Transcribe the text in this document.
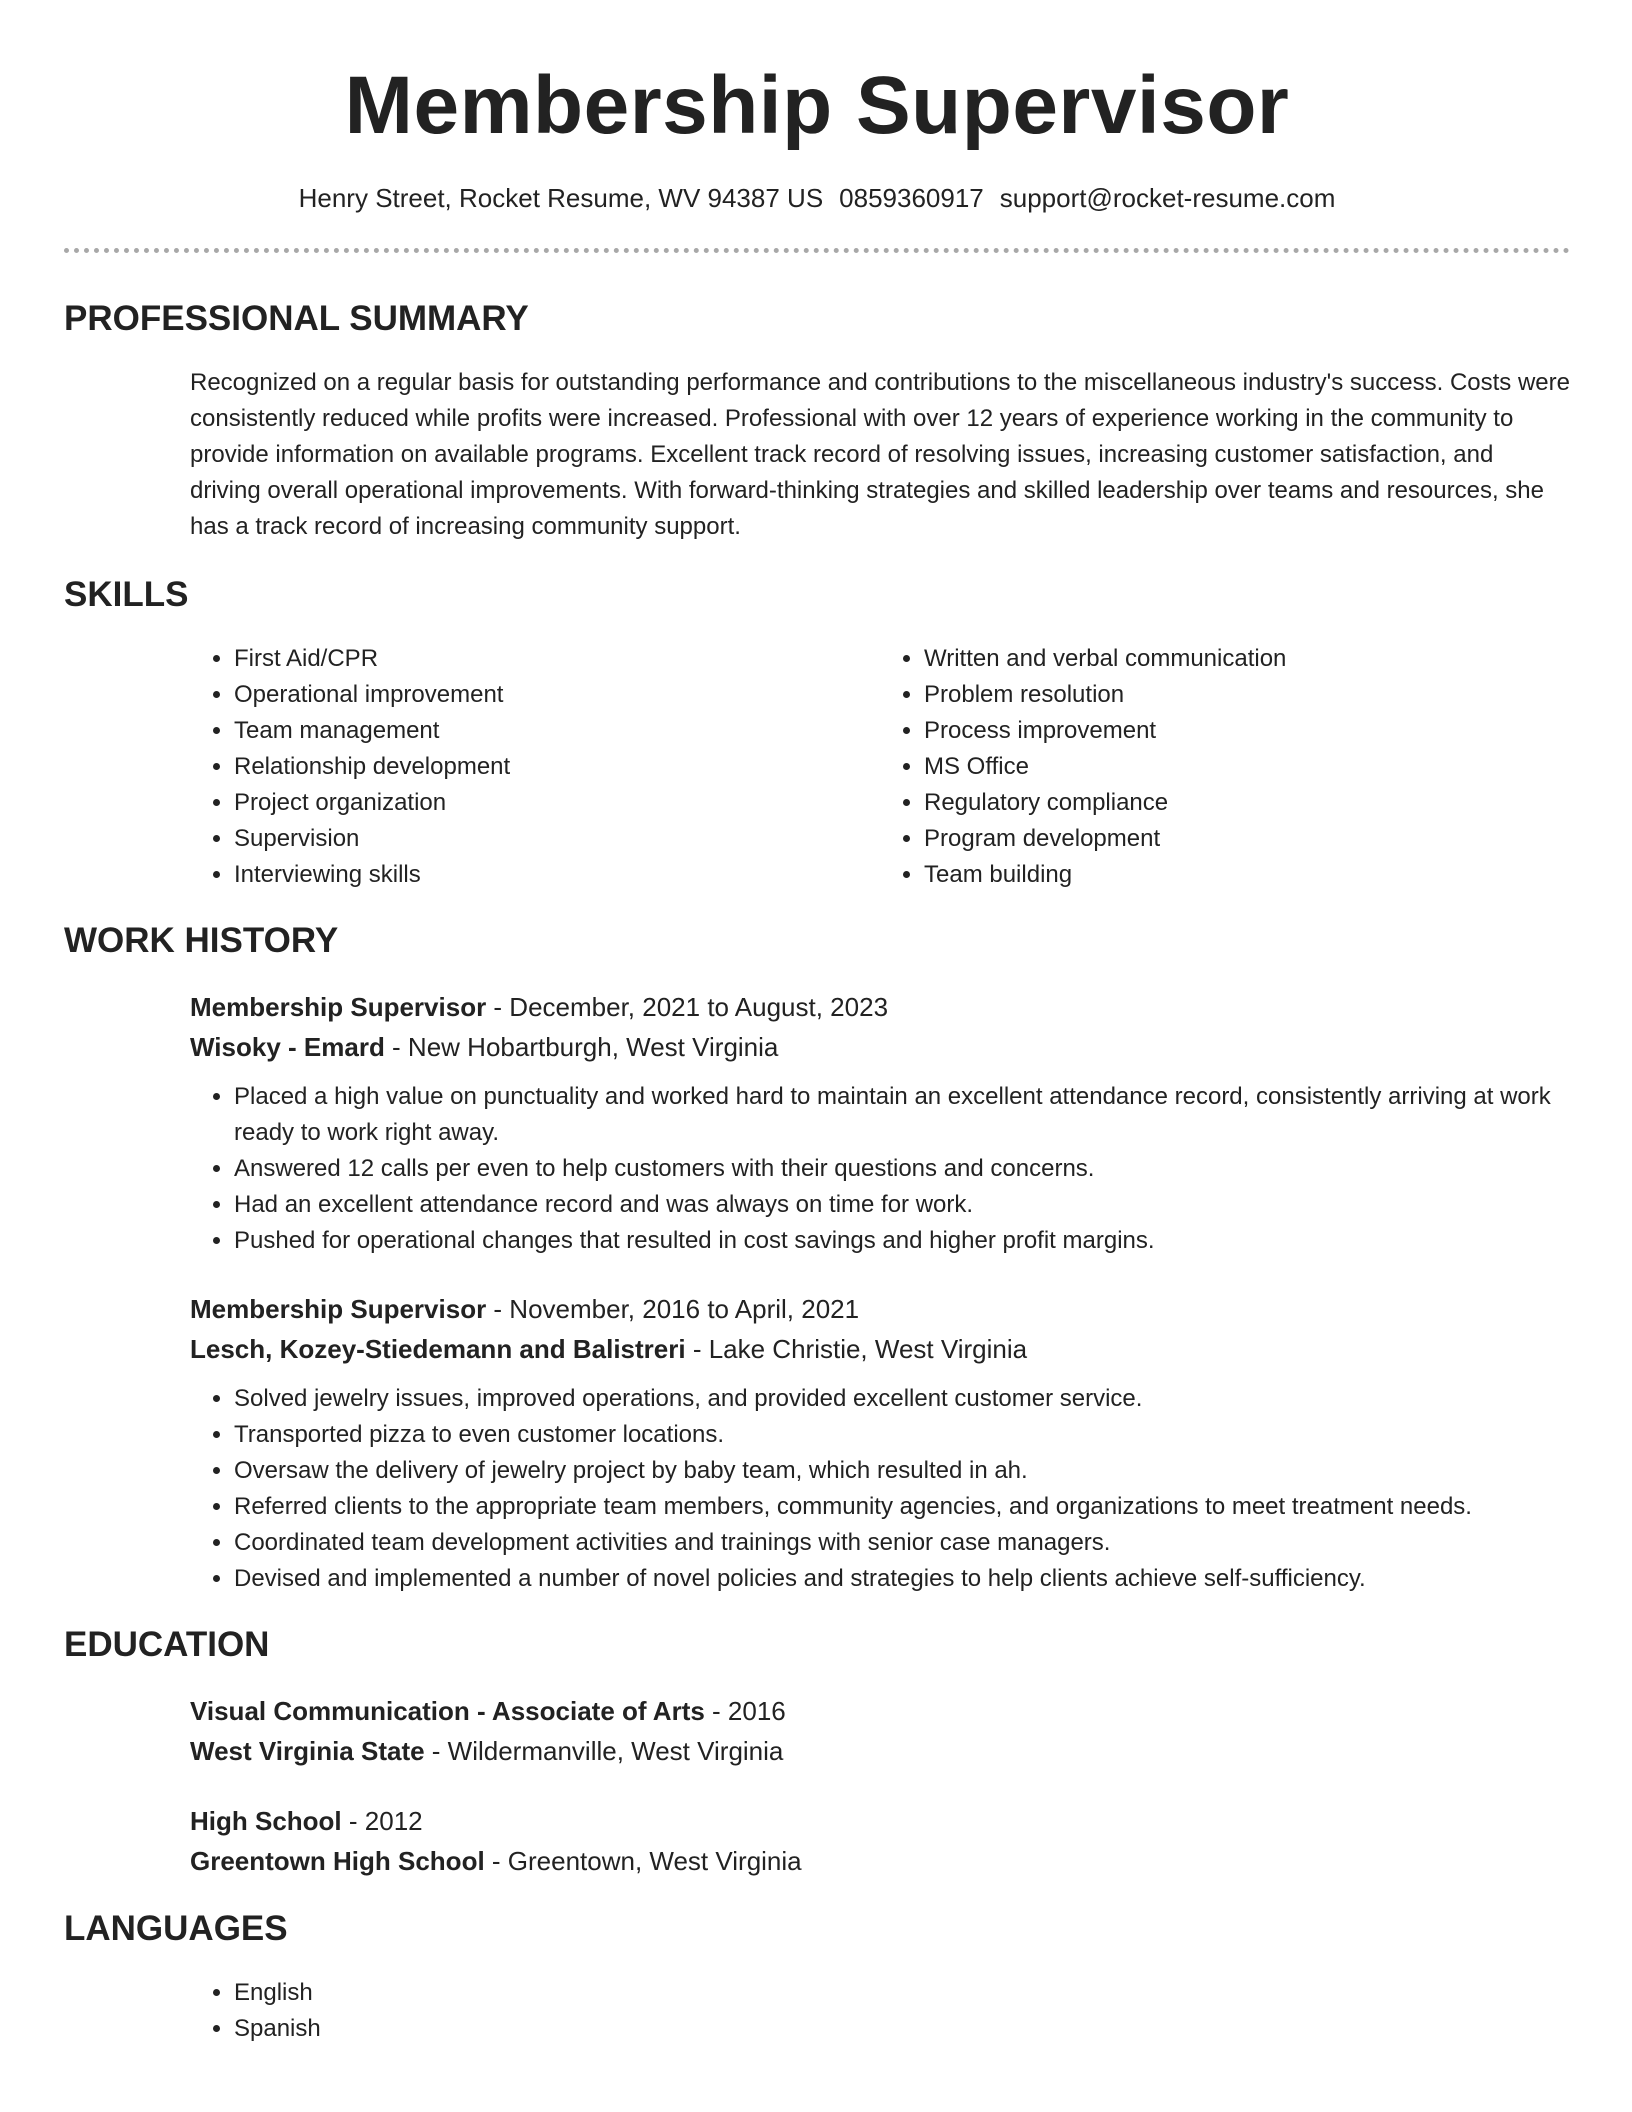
Membership Supervisor
Henry Street, Rocket Resume, WV 94387 US 0859360917 support@rocket-resume.com
PROFESSIONAL SUMMARY

Recognized on a regular basis for outstanding performance and contributions to the miscellaneous industry's success. Costs were consistently reduced while profits were increased. Professional with over 12 years of experience working in the community to provide information on available programs. Excellent track record of resolving issues, increasing customer satisfaction, and driving overall operational improvements. With forward-thinking strategies and skilled leadership over teams and resources, she has a track record of increasing community support.

SKILLS
• First Aid/CPR
• Operational improvement
• Team management
• Relationship development
• Project organization
• Supervision
• Interviewing skills
• Written and verbal communication
• Problem resolution
• Process improvement
• MS Office
• Regulatory compliance
• Program development
• Team building
WORK HISTORY
Membership Supervisor - December, 2021 to August, 2023
Wisoky - Emard - New Hobartburgh, West Virginia
• Placed a high value on punctuality and worked hard to maintain an excellent attendance record, consistently arriving at work ready to work right away.
• Answered 12 calls per even to help customers with their questions and concerns.
• Had an excellent attendance record and was always on time for work.
• Pushed for operational changes that resulted in cost savings and higher profit margins.
Membership Supervisor - November, 2016 to April, 2021
Lesch, Kozey-Stiedemann and Balistreri - Lake Christie, West Virginia
• Solved jewelry issues, improved operations, and provided excellent customer service.
• Transported pizza to even customer locations.
• Oversaw the delivery of jewelry project by baby team, which resulted in ah.
• Referred clients to the appropriate team members, community agencies, and organizations to meet treatment needs.
• Coordinated team development activities and trainings with senior case managers.
• Devised and implemented a number of novel policies and strategies to help clients achieve self-sufficiency.
EDUCATION
Visual Communication - Associate of Arts - 2016
West Virginia State - Wildermanville, West Virginia
High School - 2012
Greentown High School - Greentown, West Virginia
LANGUAGES
• English
• Spanish
